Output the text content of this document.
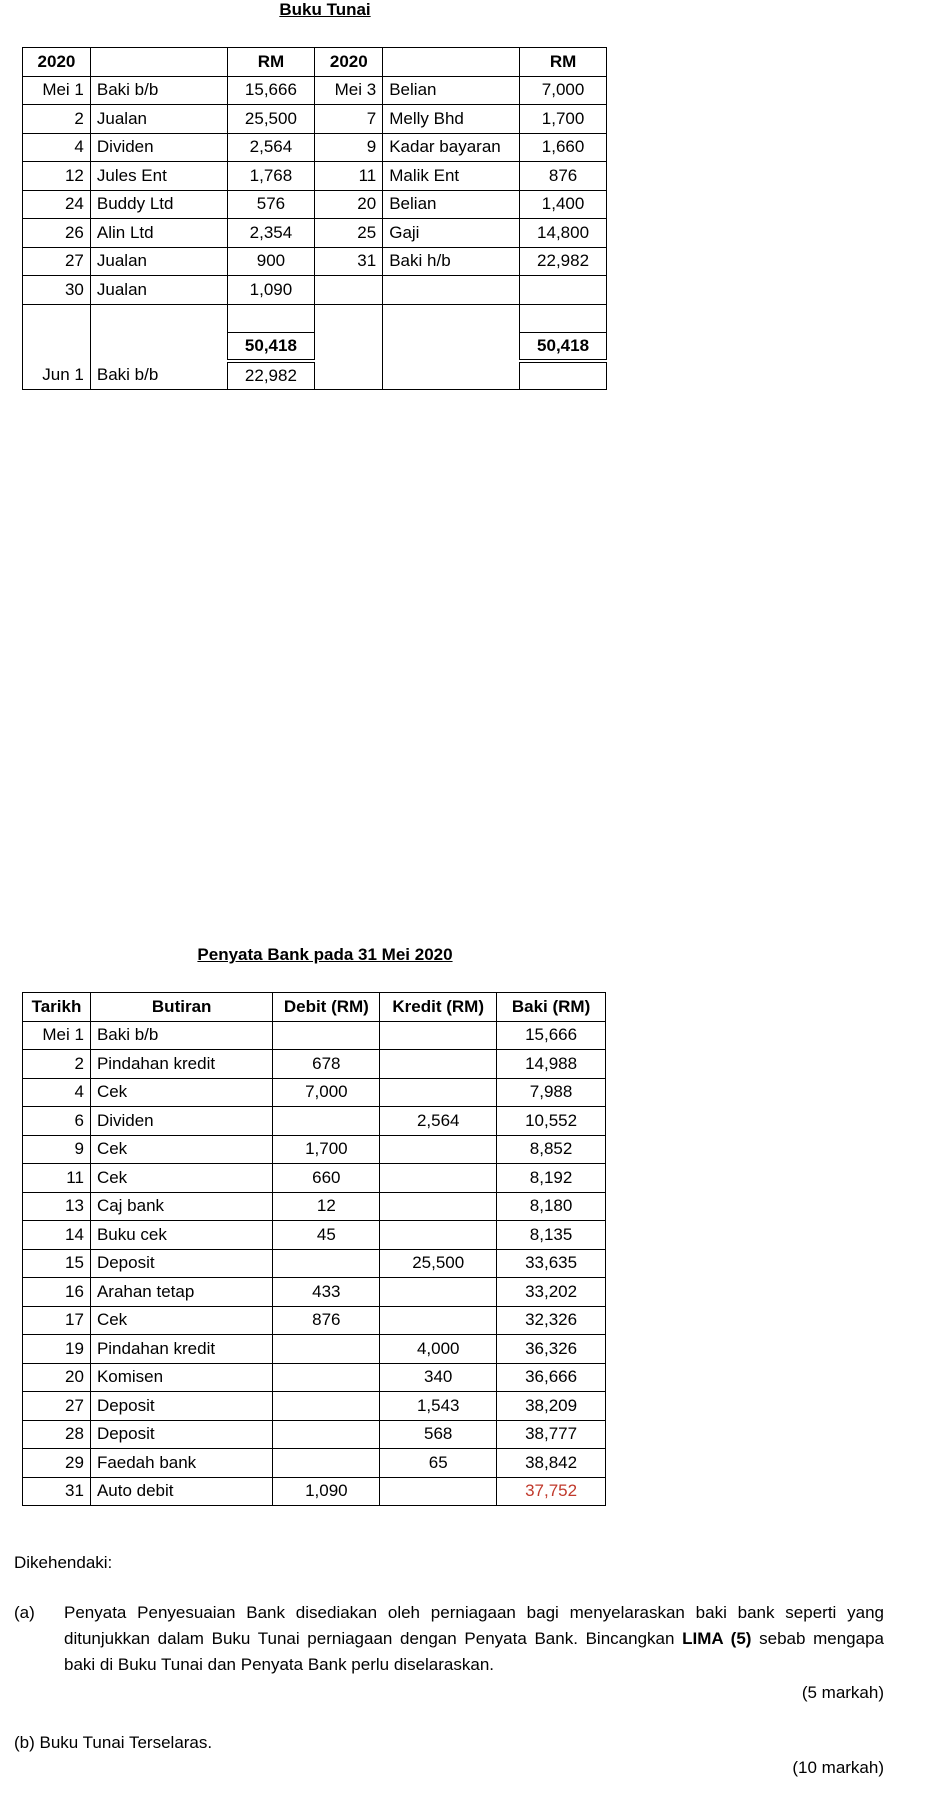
Buku Tunai
2020		RM	2020		RM
Mei 1	Baki b/b	15,666	Mei 3	Belian	7,000
2	Jualan	25,500	7	Melly Bhd	1,700
4	Dividen	2,564	9	Kadar bayaran	1,660
12	Jules Ent	1,768	11	Malik Ent	876
24	Buddy Ltd	576	20	Belian	1,400
26	Alin Ltd	2,354	25	Gaji	14,800
27	Jualan	900	31	Baki h/b	22,982
30	Jualan	1,090			

		50,418			50,418
Jun 1	Baki b/b	22,982			
Penyata Bank pada 31 Mei 2020
Tarikh	Butiran	Debit (RM)	Kredit (RM)	Baki (RM)
Mei 1	Baki b/b			15,666
2	Pindahan kredit	678		14,988
4	Cek	7,000		7,988
6	Dividen		2,564	10,552
9	Cek	1,700		8,852
11	Cek	660		8,192
13	Caj bank	12		8,180
14	Buku cek	45		8,135
15	Deposit		25,500	33,635
16	Arahan tetap	433		33,202
17	Cek	876		32,326
19	Pindahan kredit		4,000	36,326
20	Komisen		340	36,666
27	Deposit		1,543	38,209
28	Deposit		568	38,777
29	Faedah bank		65	38,842
31	Auto debit	1,090		37,752
Dikehendaki:
(a) Penyata Penyesuaian Bank disediakan oleh perniagaan bagi menyelaraskan baki bank seperti yang ditunjukkan dalam Buku Tunai perniagaan dengan Penyata Bank. Bincangkan LIMA (5) sebab mengapa baki di Buku Tunai dan Penyata Bank perlu diselaraskan.
(5 markah)
(b) Buku Tunai Terselaras.
(10 markah)
